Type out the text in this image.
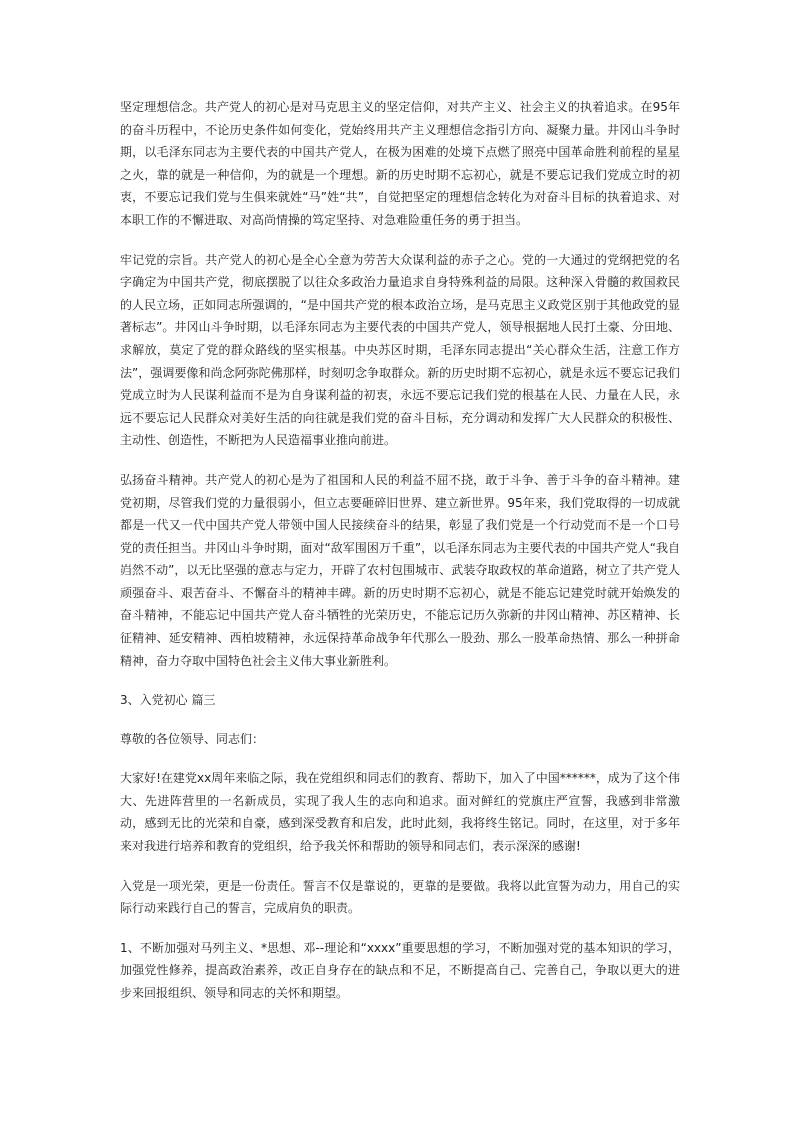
坚定理想信念。共产党人的初心是对马克思主义的坚定信仰，对共产主义、社会主义的执着追求。在95年的奋斗历程中，不论历史条件如何变化，党始终用共产主义理想信念指引方向、凝聚力量。井冈山斗争时期，以毛泽东同志为主要代表的中国共产党人，在极为困难的处境下点燃了照亮中国革命胜利前程的星星之火，靠的就是一种信仰，为的就是一个理想。新的历史时期不忘初心，就是不要忘记我们党成立时的初衷，不要忘记我们党与生俱来就姓“马”姓“共”，自觉把坚定的理想信念转化为对奋斗目标的执着追求、对本职工作的不懈进取、对高尚情操的笃定坚持、对急难险重任务的勇于担当。

牢记党的宗旨。共产党人的初心是全心全意为劳苦大众谋利益的赤子之心。党的一大通过的党纲把党的名字确定为中国共产党，彻底摆脱了以往众多政治力量追求自身特殊利益的局限。这种深入骨髓的救国救民的人民立场，正如同志所强调的，“是中国共产党的根本政治立场，是马克思主义政党区别于其他政党的显著标志”。井冈山斗争时期，以毛泽东同志为主要代表的中国共产党人，领导根据地人民打土豪、分田地、求解放，莫定了党的群众路线的坚实根基。中央苏区时期，毛泽东同志提出“关心群众生活，注意工作方法”，强调要像和尚念阿弥陀佛那样，时刻叨念争取群众。新的历史时期不忘初心，就是永远不要忘记我们党成立时为人民谋利益而不是为自身谋利益的初衷，永远不要忘记我们党的根基在人民、力量在人民，永远不要忘记人民群众对美好生活的向往就是我们党的奋斗目标，充分调动和发挥广大人民群众的积极性、主动性、创造性，不断把为人民造福事业推向前进。

弘扬奋斗精神。共产党人的初心是为了祖国和人民的利益不屈不挠，敢于斗争、善于斗争的奋斗精神。建党初期，尽管我们党的力量很弱小，但立志要砸碎旧世界、建立新世界。95年来，我们党取得的一切成就都是一代又一代中国共产党人带领中国人民接续奋斗的结果，彰显了我们党是一个行动党而不是一个口号党的责任担当。井冈山斗争时期，面对“敌军围困万千重”，以毛泽东同志为主要代表的中国共产党人“我自岿然不动”，以无比坚强的意志与定力，开辟了农村包围城市、武装夺取政权的革命道路，树立了共产党人顽强奋斗、艰苦奋斗、不懈奋斗的精神丰碑。新的历史时期不忘初心，就是不能忘记建党时就开始焕发的奋斗精神，不能忘记中国共产党人奋斗牺牲的光荣历史，不能忘记历久弥新的井冈山精神、苏区精神、长征精神、延安精神、西柏坡精神，永远保持革命战争年代那么一股劲、那么一股革命热情、那么一种拼命精神，奋力夺取中国特色社会主义伟大事业新胜利。

3、入党初心 篇三

尊敬的各位领导、同志们：

大家好!在建党xx周年来临之际，我在党组织和同志们的教育、帮助下，加入了中国******，成为了这个伟大、先进阵营里的一名新成员，实现了我人生的志向和追求。面对鲜红的党旗庄严宣誓，我感到非常激动，感到无比的光荣和自豪，感到深受教育和启发，此时此刻，我将终生铭记。同时，在这里，对于多年来对我进行培养和教育的党组织，给予我关怀和帮助的领导和同志们，表示深深的感谢!

入党是一项光荣，更是一份责任。誓言不仅是靠说的，更靠的是要做。我将以此宣誓为动力，用自己的实际行动来践行自己的誓言，完成肩负的职责。

1、不断加强对马列主义、*思想、邓--理论和“xxxx”重要思想的学习，不断加强对党的基本知识的学习，加强党性修养，提高政治素养，改正自身存在的缺点和不足，不断提高自己、完善自己，争取以更大的进步来回报组织、领导和同志的关怀和期望。
